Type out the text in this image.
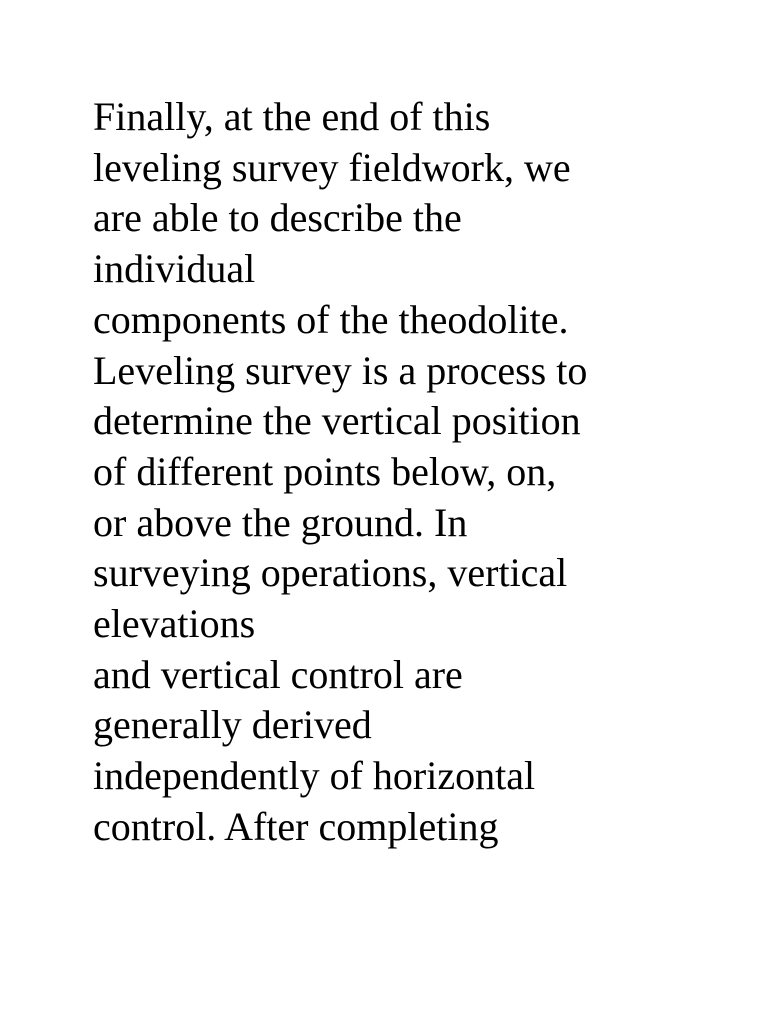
Finally, at the end of this
leveling survey fieldwork, we
are able to describe the
individual
components of the theodolite.
Leveling survey is a process to
determine the vertical position
of different points below, on,
or above the ground. In
surveying operations, vertical
elevations
and vertical control are
generally derived
independently of horizontal
control. After completing
